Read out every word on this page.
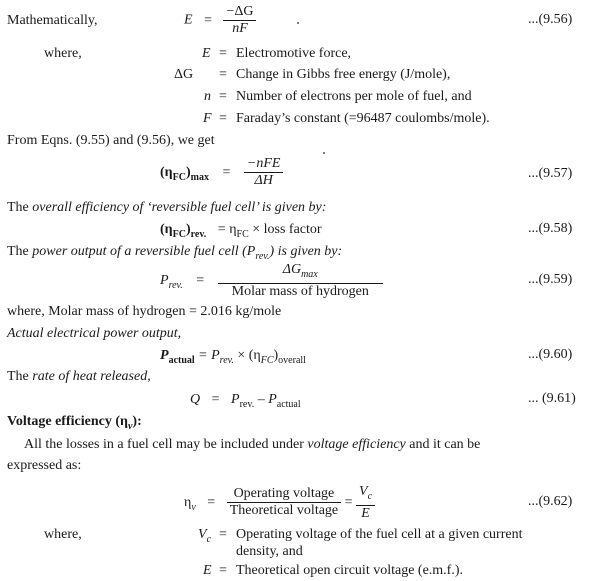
Mathematically,	$E = \frac{-\Delta G}{nF}$	...(9.56)
where,	E = Electromotive force,
ΔG = Change in Gibbs free energy (J/mole),
n = Number of electrons per mole of fuel, and
F = Faraday’s constant (=96487 coulombs/mole).
From Eqns. (9.55) and (9.56), we get
$(\eta_{FC})_{max} = \frac{\text{−nFE}}{\Delta H}$	...(9.57)
The overall efficiency of ‘reversible fuel cell’ is given by:
$(\eta_{FC})_{rev.} = \eta_{FC}$ × loss factor	...(9.58)
The power output of a reversible fuel cell $(P_{rev.})$ is given by:
$P_{rev.} = \frac{\Delta G_{max}}{\text{Molar mass of hydrogen}}$	...(9.59)
where, Molar mass of hydrogen = 2.016 kg/mole
Actual electrical power output,
$P_{actual} = P_{rev.} \times (\eta_{FC})_{overall}$	...(9.60)
The rate of heat released,
$Q = P_{rev.} - P_{actual}$	... (9.61)
Voltage efficiency $(\eta_v)$:
All the losses in a fuel cell may be included under voltage efficiency and it can be
expressed as:
$\eta_v = \frac{\text{Operating voltage}}{\text{Theoretical voltage}} = \frac{V_c}{E}$	...(9.62)
where,	$V_c$ = Operating voltage of the fuel cell at a given current
density, and
E = Theoretical open circuit voltage (e.m.f.).
